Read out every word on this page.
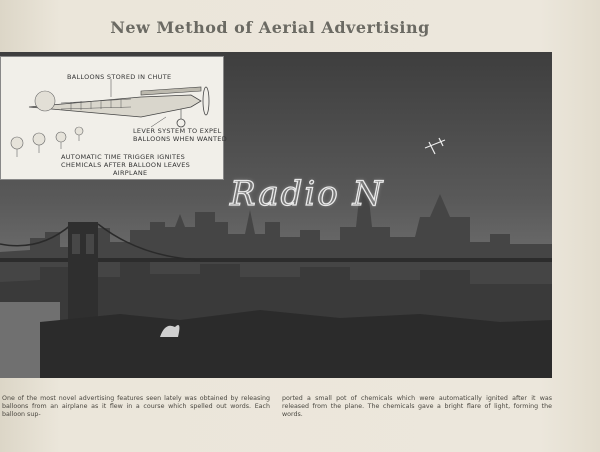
New Method of Aerial Advertising
Radio N
BALLOONS STORED IN CHUTE
LEVER SYSTEM TO EXPEL
BALLOONS WHEN WANTED
AUTOMATIC TIME TRIGGER IGNITES
CHEMICALS AFTER BALLOON LEAVES
AIRPLANE
One of the most novel advertising features seen lately was obtained by releasing balloons from an airplane as it flew in a course which spelled out words. Each balloon sup-
ported a small pot of chemicals which were automatically ignited after it was released from the plane. The chemicals gave a bright flare of light, forming the words.
